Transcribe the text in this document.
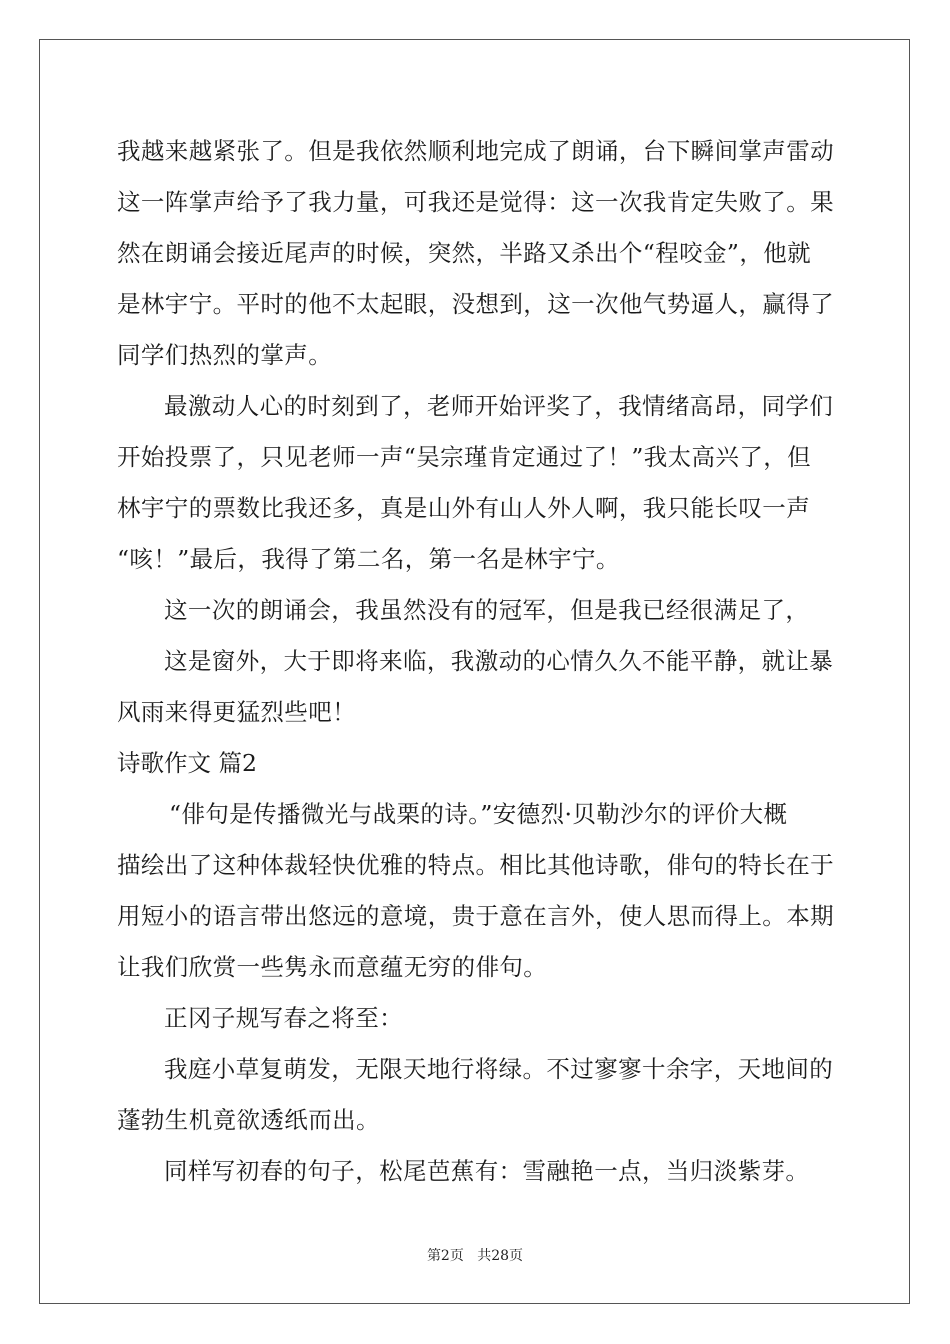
我越来越紧张了。但是我依然顺利地完成了朗诵，台下瞬间掌声雷动
这一阵掌声给予了我力量，可我还是觉得：这一次我肯定失败了。果
然在朗诵会接近尾声的时候，突然，半路又杀出个“程咬金”，他就
是林宇宁。平时的他不太起眼，没想到，这一次他气势逼人，赢得了
同学们热烈的掌声。
最激动人心的时刻到了，老师开始评奖了，我情绪高昂，同学们
开始投票了，只见老师一声“吴宗瑾肯定通过了！”我太高兴了，但
林宇宁的票数比我还多，真是山外有山人外人啊，我只能长叹一声
“咳！”最后，我得了第二名，第一名是林宇宁。
这一次的朗诵会，我虽然没有的冠军，但是我已经很满足了，
这是窗外，大于即将来临，我激动的心情久久不能平静，就让暴
风雨来得更猛烈些吧！
诗歌作文 篇2
“俳句是传播微光与战栗的诗。”安德烈·贝勒沙尔的评价大概
描绘出了这种体裁轻快优雅的特点。相比其他诗歌，俳句的特长在于
用短小的语言带出悠远的意境，贵于意在言外，使人思而得上。本期
让我们欣赏一些隽永而意蕴无穷的俳句。
正冈子规写春之将至：
我庭小草复萌发，无限天地行将绿。不过寥寥十余字，天地间的
蓬勃生机竟欲透纸而出。
同样写初春的句子，松尾芭蕉有：雪融艳一点，当归淡紫芽。
第2页 共28页
